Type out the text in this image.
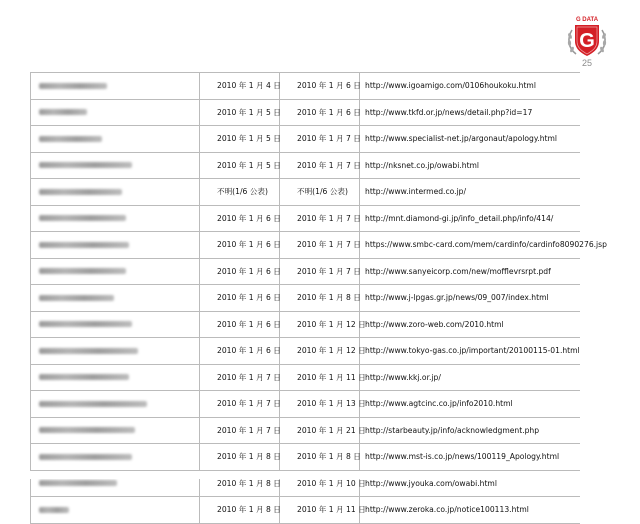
G DATA
G
25
2010 年 1 月 4 日	2010 年 1 月 6 日 http://www.igoamigo.com/0106houkoku.html
2010 年 1 月 5 日	2010 年 1 月 6 日 http://www.tkfd.or.jp/news/detail.php?id=17
2010 年 1 月 5 日	2010 年 1 月 7 日 http://www.specialist-net.jp/argonaut/apology.html
2010 年 1 月 5 日	2010 年 1 月 7 日 http://nksnet.co.jp/owabi.html
不明(1/6 公表)	不明(1/6 公表)	http://www.intermed.co.jp/
2010 年 1 月 6 日	2010 年 1 月 7 日 http://mnt.diamond-gi.jp/info_detail.php/info/414/
2010 年 1 月 6 日	2010 年 1 月 7 日 https://www.smbc-card.com/mem/cardinfo/cardinfo8090276.jsp
2010 年 1 月 6 日	2010 年 1 月 7 日 http://www.sanyeicorp.com/new/mofflevrsrpt.pdf
2010 年 1 月 6 日	2010 年 1 月 8 日 http://www.j-lpgas.gr.jp/news/09_007/index.html
2010 年 1 月 6 日	2010 年 1 月 12 日 http://www.zoro-web.com/2010.html
2010 年 1 月 6 日	2010 年 1 月 12 日 http://www.tokyo-gas.co.jp/important/20100115-01.html
2010 年 1 月 7 日	2010 年 1 月 11 日 http://www.kkj.or.jp/
2010 年 1 月 7 日	2010 年 1 月 13 日 http://www.agtcinc.co.jp/info2010.html
2010 年 1 月 7 日	2010 年 1 月 21 日 http://starbeauty.jp/info/acknowledgment.php
2010 年 1 月 8 日	2010 年 1 月 8 日 http://www.mst-is.co.jp/news/100119_Apology.html
2010 年 1 月 8 日	2010 年 1 月 10 日 http://www.jyouka.com/owabi.html
2010 年 1 月 8 日	2010 年 1 月 11 日 http://www.zeroka.co.jp/notice100113.html
